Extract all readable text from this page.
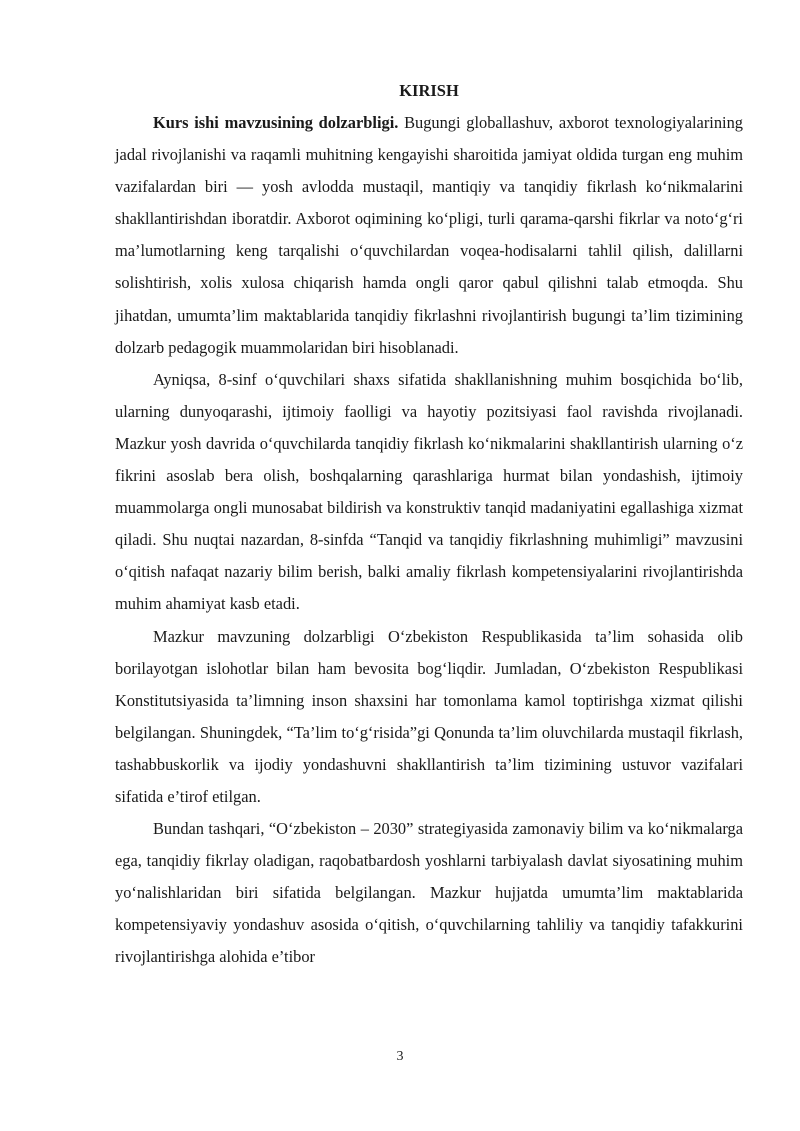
KIRISH

Kurs ishi mavzusining dolzarbligi. Bugungi globallashuv, axborot texnologiyalarining jadal rivojlanishi va raqamli muhitning kengayishi sharoitida jamiyat oldida turgan eng muhim vazifalardan biri — yosh avlodda mustaqil, mantiqiy va tanqidiy fikrlash ko‘nikmalarini shakllantirishdan iboratdir. Axborot oqimining ko‘pligi, turli qarama-qarshi fikrlar va noto‘g‘ri ma’lumotlarning keng tarqalishi o‘quvchilardan voqea-hodisalarni tahlil qilish, dalillarni solishtirish, xolis xulosa chiqarish hamda ongli qaror qabul qilishni talab etmoqda. Shu jihatdan, umumta’lim maktablarida tanqidiy fikrlashni rivojlantirish bugungi ta’lim tizimining dolzarb pedagogik muammolaridan biri hisoblanadi.

Ayniqsa, 8-sinf o‘quvchilari shaxs sifatida shakllanishning muhim bosqichida bo‘lib, ularning dunyoqarashi, ijtimoiy faolligi va hayotiy pozitsiyasi faol ravishda rivojlanadi. Mazkur yosh davrida o‘quvchilarda tanqidiy fikrlash ko‘nikmalarini shakllantirish ularning o‘z fikrini asoslab bera olish, boshqalarning qarashlariga hurmat bilan yondashish, ijtimoiy muammolarga ongli munosabat bildirish va konstruktiv tanqid madaniyatini egallashiga xizmat qiladi. Shu nuqtai nazardan, 8-sinfda “Tanqid va tanqidiy fikrlashning muhimligi” mavzusini o‘qitish nafaqat nazariy bilim berish, balki amaliy fikrlash kompetensiyalarini rivojlantirishda muhim ahamiyat kasb etadi.

Mazkur mavzuning dolzarbligi O‘zbekiston Respublikasida ta’lim sohasida olib borilayotgan islohotlar bilan ham bevosita bog‘liqdir. Jumladan, O‘zbekiston Respublikasi Konstitutsiyasida ta’limning inson shaxsini har tomonlama kamol toptirishga xizmat qilishi belgilangan. Shuningdek, “Ta’lim to‘g‘risida”gi Qonunda ta’lim oluvchilarda mustaqil fikrlash, tashabbuskorlik va ijodiy yondashuvni shakllantirish ta’lim tizimining ustuvor vazifalari sifatida e’tirof etilgan.

Bundan tashqari, “O‘zbekiston – 2030” strategiyasida zamonaviy bilim va ko‘nikmalarga ega, tanqidiy fikrlay oladigan, raqobatbardosh yoshlarni tarbiyalash davlat siyosatining muhim yo‘nalishlaridan biri sifatida belgilangan. Mazkur hujjatda umumta’lim maktablarida kompetensiyaviy yondashuv asosida o‘qitish, o‘quvchilarning tahliliy va tanqidiy tafakkurini rivojlantirishga alohida e’tibor

3
